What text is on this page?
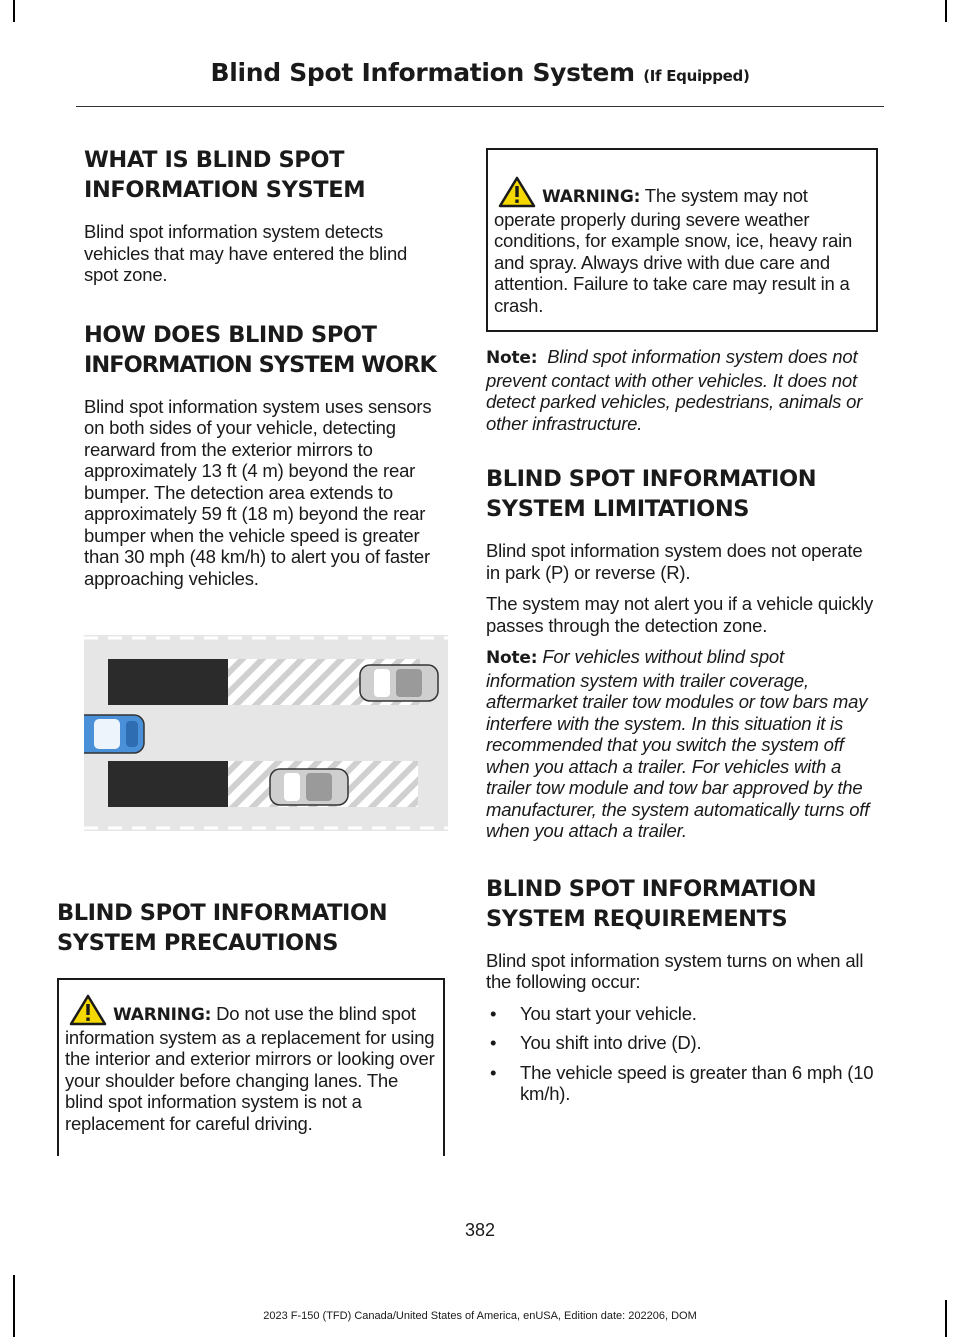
Blind Spot Information System (If Equipped)
WHAT IS BLIND SPOT
INFORMATION SYSTEM

Blind spot information system detects vehicles that may have entered the blind spot zone.

HOW DOES BLIND SPOT
INFORMATION SYSTEM WORK

Blind spot information system uses sensors on both sides of your vehicle, detecting rearward from the exterior mirrors to approximately 13 ft (4 m) beyond the rear bumper. The detection area extends to approximately 59 ft (18 m) beyond the rear bumper when the vehicle speed is greater than 30 mph (48 km/h) to alert you of faster approaching vehicles.

BLIND SPOT INFORMATION
SYSTEM PRECAUTIONS
WARNING: Do not use the blind spot information system as a replacement for using the interior and exterior mirrors or looking over your shoulder before changing lanes. The blind spot information system is not a replacement for careful driving.
WARNING: The system may not operate properly during severe weather conditions, for example snow, ice, heavy rain and spray. Always drive with due care and attention. Failure to take care may result in a crash.

Note: Blind spot information system does not prevent contact with other vehicles. It does not detect parked vehicles, pedestrians, animals or other infrastructure.

BLIND SPOT INFORMATION
SYSTEM LIMITATIONS

Blind spot information system does not operate in park (P) or reverse (R).

The system may not alert you if a vehicle quickly passes through the detection zone.

Note: For vehicles without blind spot information system with trailer coverage, aftermarket trailer tow modules or tow bars may interfere with the system. In this situation it is recommended that you switch the system off when you attach a trailer. For vehicles with a trailer tow module and tow bar approved by the manufacturer, the system automatically turns off when you attach a trailer.

BLIND SPOT INFORMATION
SYSTEM REQUIREMENTS

Blind spot information system turns on when all the following occur:

• You start your vehicle.
• You shift into drive (D).
• The vehicle speed is greater than 6 mph (10 km/h).
382
2023 F-150 (TFD) Canada/United States of America, enUSA, Edition date: 202206, DOM
